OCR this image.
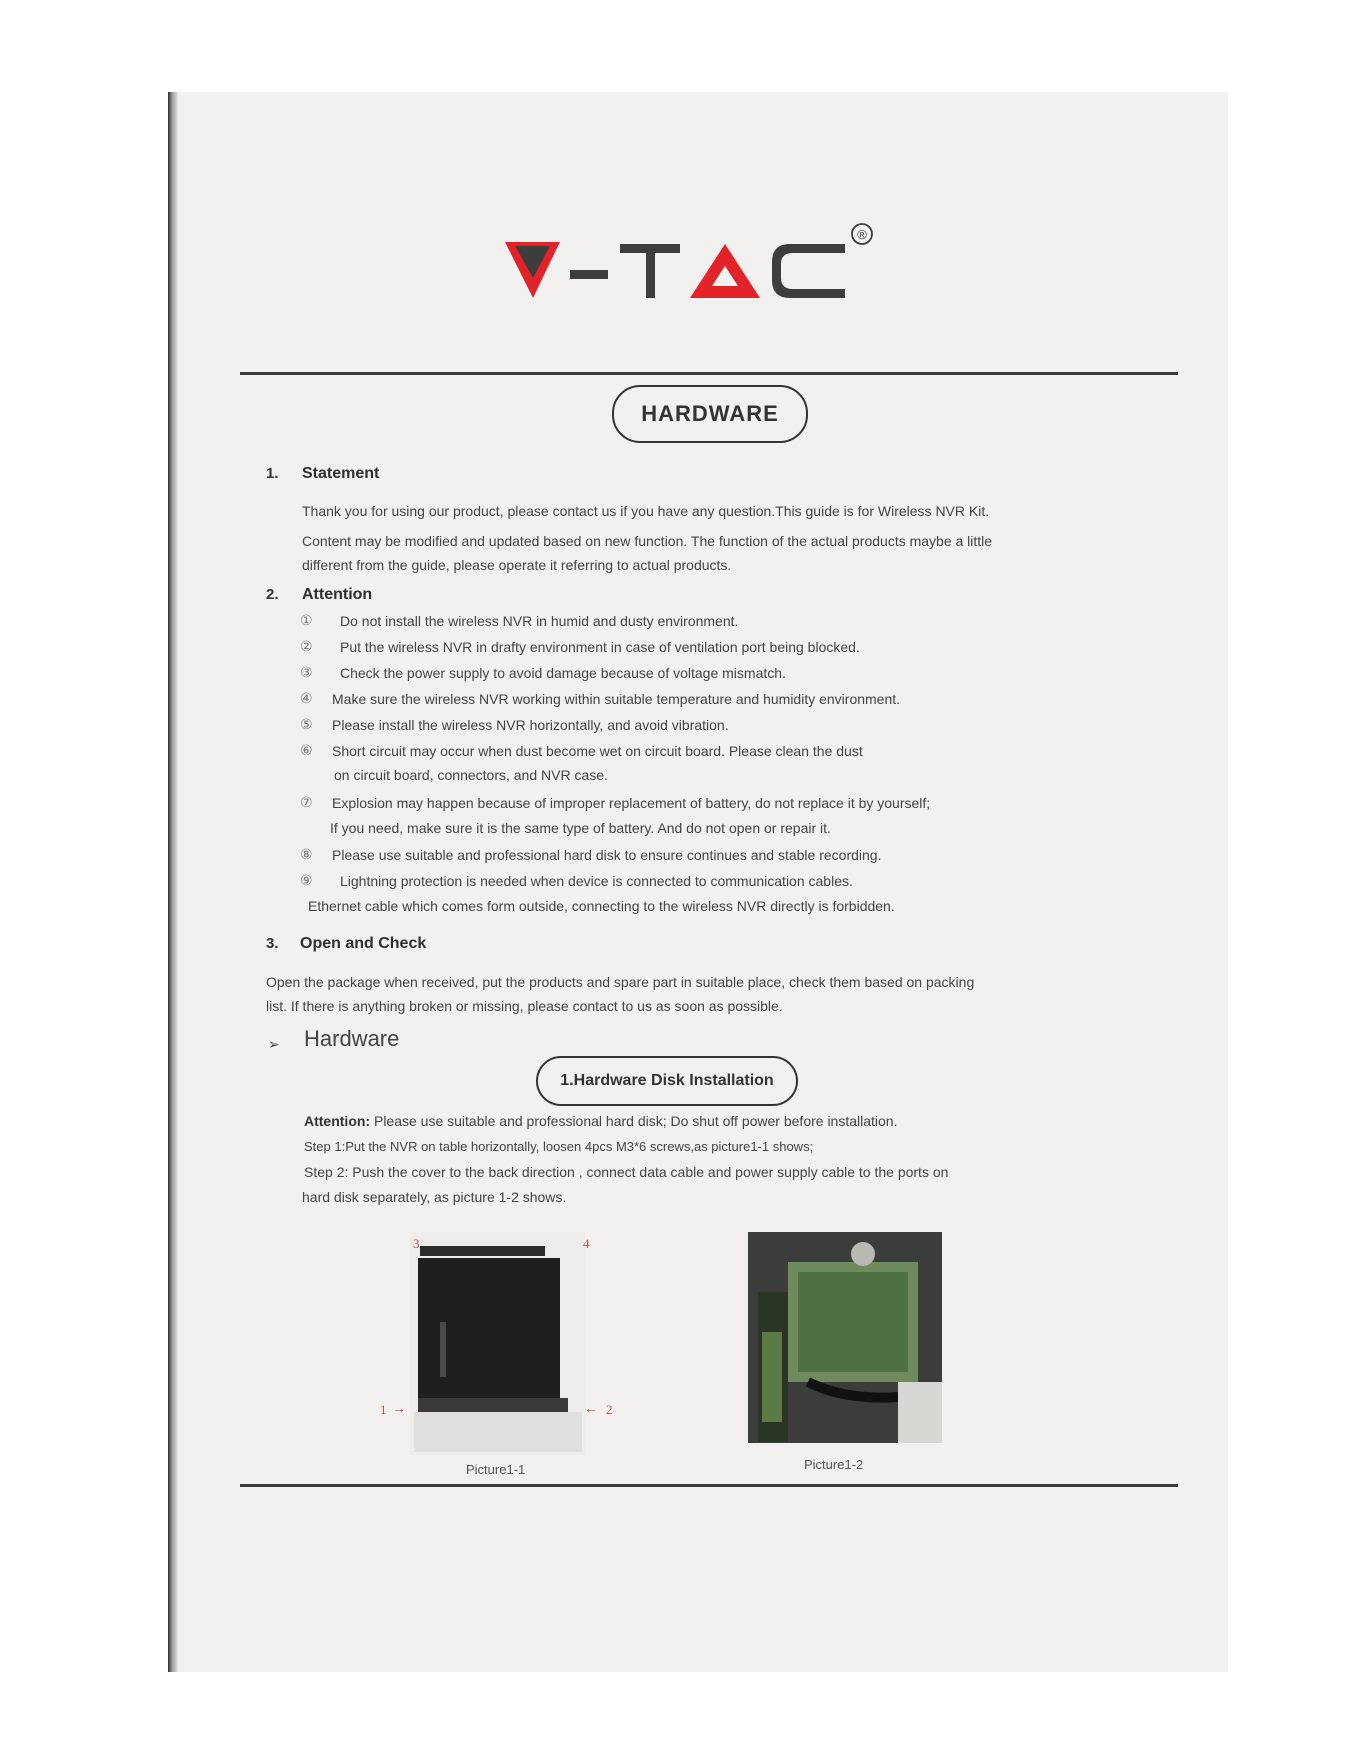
®
HARDWARE
1. Statement
Thank you for using our product, please contact us if you have any question.This guide is for Wireless NVR Kit.
Content may be modified and updated based on new function. The function of the actual products maybe a little
different from the guide, please operate it referring to actual products.
2. Attention
① Do not install the wireless NVR in humid and dusty environment.
② Put the wireless NVR in drafty environment in case of ventilation port being blocked.
③ Check the power supply to avoid damage because of voltage mismatch.
④ Make sure the wireless NVR working within suitable temperature and humidity environment.
⑤ Please install the wireless NVR horizontally, and avoid vibration.
⑥ Short circuit may occur when dust become wet on circuit board. Please clean the dust
on circuit board, connectors, and NVR case.
⑦ Explosion may happen because of improper replacement of battery, do not replace it by yourself;
If you need, make sure it is the same type of battery. And do not open or repair it.
⑧ Please use suitable and professional hard disk to ensure continues and stable recording.
⑨ Lightning protection is needed when device is connected to communication cables.
Ethernet cable which comes form outside, connecting to the wireless NVR directly is forbidden.
3. Open and Check
Open the package when received, put the products and spare part in suitable place, check them based on packing
list. If there is anything broken or missing, please contact to us as soon as possible.
➢ Hardware
1.Hardware Disk Installation
Attention: Please use suitable and professional hard disk; Do shut off power before installation.
Step 1:Put the NVR on table horizontally, loosen 4pcs M3*6 screws,as picture1-1 shows;
Step 2: Push the cover to the back direction , connect data cable and power supply cable to the ports on
hard disk separately, as picture 1-2 shows.
3	4
1	2
→	←
Picture1-1	Picture1-2
